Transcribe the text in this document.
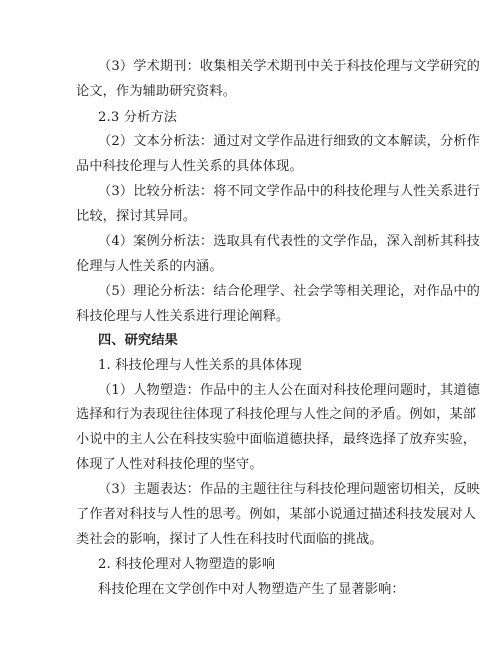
（3）学术期刊：收集相关学术期刊中关于科技伦理与文学研究的
论文，作为辅助研究资料。
2.3 分析方法
（2）文本分析法：通过对文学作品进行细致的文本解读，分析作
品中科技伦理与人性关系的具体体现。
（3）比较分析法：将不同文学作品中的科技伦理与人性关系进行
比较，探讨其异同。
（4）案例分析法：选取具有代表性的文学作品，深入剖析其科技
伦理与人性关系的内涵。
（5）理论分析法：结合伦理学、社会学等相关理论，对作品中的
科技伦理与人性关系进行理论阐释。
四、研究结果
1. 科技伦理与人性关系的具体体现
（1）人物塑造：作品中的主人公在面对科技伦理问题时，其道德
选择和行为表现往往体现了科技伦理与人性之间的矛盾。例如，某部
小说中的主人公在科技实验中面临道德抉择，最终选择了放弃实验，
体现了人性对科技伦理的坚守。
（3）主题表达：作品的主题往往与科技伦理问题密切相关，反映
了作者对科技与人性的思考。例如，某部小说通过描述科技发展对人
类社会的影响，探讨了人性在科技时代面临的挑战。
2. 科技伦理对人物塑造的影响
科技伦理在文学创作中对人物塑造产生了显著影响：
